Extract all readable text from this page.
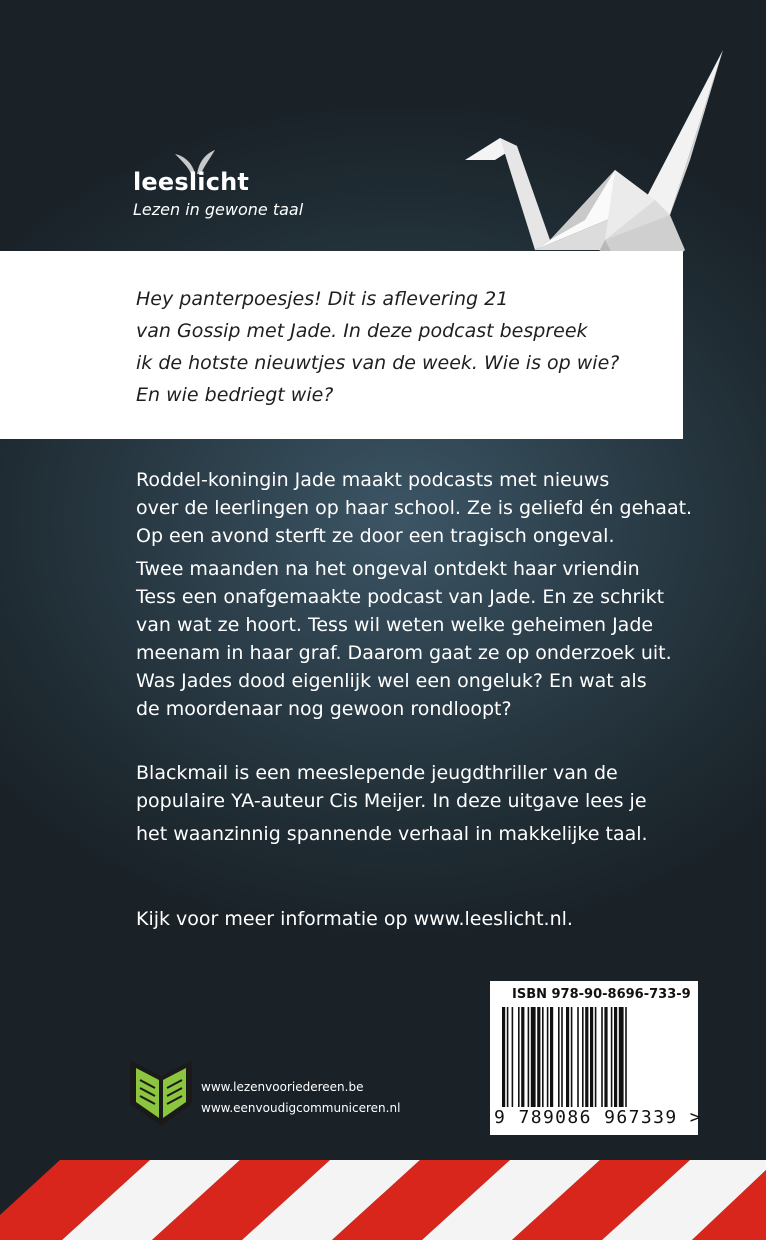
leeslicht
Lezen in gewone taal
Hey panterpoesjes! Dit is aflevering 21
van Gossip met Jade. In deze podcast bespreek
ik de hotste nieuwtjes van de week. Wie is op wie?
En wie bedriegt wie?
Roddel-koningin Jade maakt podcasts met nieuws
over de leerlingen op haar school. Ze is geliefd én gehaat.
Op een avond sterft ze door een tragisch ongeval.
Twee maanden na het ongeval ontdekt haar vriendin
Tess een onafgemaakte podcast van Jade. En ze schrikt
van wat ze hoort. Tess wil weten welke geheimen Jade
meenam in haar graf. Daarom gaat ze op onderzoek uit.
Was Jades dood eigenlijk wel een ongeluk? En wat als
de moordenaar nog gewoon rondloopt?
Blackmail is een meeslepende jeugdthriller van de
populaire YA-auteur Cis Meijer. In deze uitgave lees je
het waanzinnig spannende verhaal in makkelijke taal.
Kijk voor meer informatie op www.leeslicht.nl.
ISBN 978-90-8696-733-9
9 789086 967339 >
www.lezenvooriedereen.be
www.eenvoudigcommuniceren.nl
